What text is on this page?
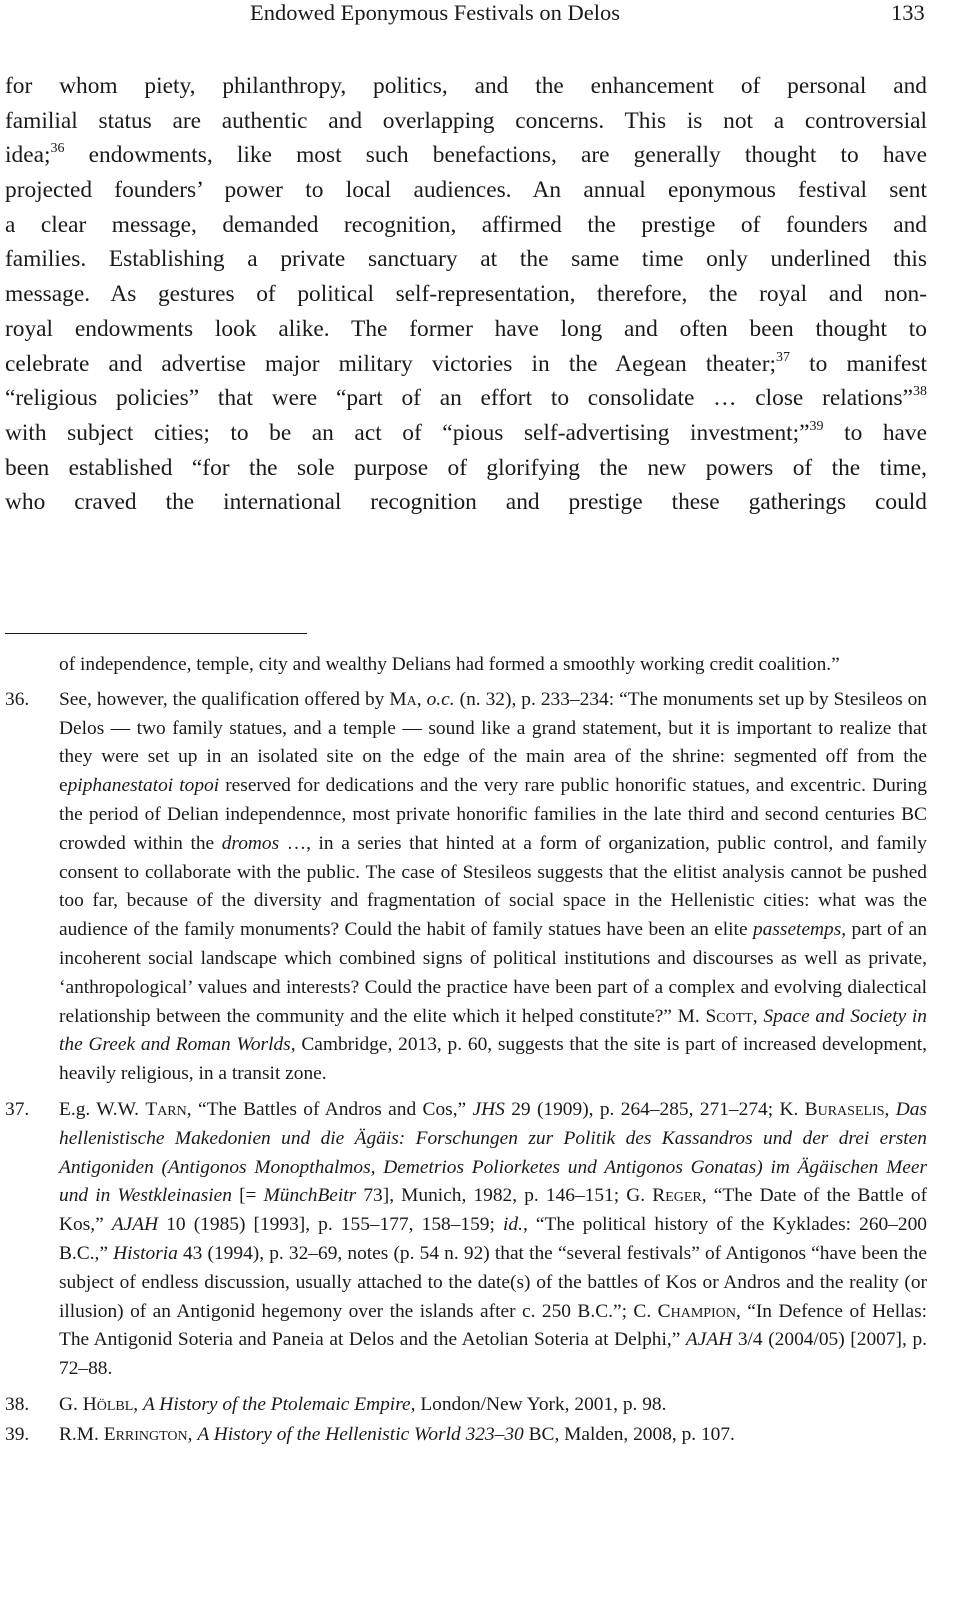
Endowed Eponymous Festivals on Delos	133
for whom piety, philanthropy, politics, and the enhancement of personal and
familial status are authentic and overlapping concerns. This is not a controversial
idea;$^{36}$ endowments, like most such benefactions, are generally thought to have
projected founders’ power to local audiences. An annual eponymous festival sent
a clear message, demanded recognition, affirmed the prestige of founders and
families. Establishing a private sanctuary at the same time only underlined this
message. As gestures of political self-representation, therefore, the royal and non-
royal endowments look alike. The former have long and often been thought to
celebrate and advertise major military victories in the Aegean theater;$^{37}$ to manifest
“religious policies” that were “part of an effort to consolidate … close relations”$^{38}$
with subject cities; to be an act of “pious self-advertising investment;”$^{39}$ to have
been established “for the sole purpose of glorifying the new powers of the time,
who craved the international recognition and prestige these gatherings could
of independence, temple, city and wealthy Delians had formed a smoothly working credit coalition.”
36. See, however, the qualification offered by Ma, o.c. (n. 32), p. 233–234: “The monuments set up by Stesileos on Delos — two family statues, and a temple — sound like a grand statement, but it is important to realize that they were set up in an isolated site on the edge of the main area of the shrine: segmented off from the epiphanestatoi topoi reserved for dedications and the very rare public honorific statues, and excentric. During the period of Delian independennce, most private honorific families in the late third and second centuries BC crowded within the dromos …, in a series that hinted at a form of organization, public control, and family consent to collaborate with the public. The case of Stesileos suggests that the elitist analysis cannot be pushed too far, because of the diversity and fragmentation of social space in the Hellenistic cities: what was the audience of the family monuments? Could the habit of family statues have been an elite passetemps, part of an incoherent social landscape which combined signs of political institutions and discourses as well as private, ‘anthropological’ values and interests? Could the practice have been part of a complex and evolving dialectical relationship between the community and the elite which it helped constitute?” M. Scott, Space and Society in the Greek and Roman Worlds, Cambridge, 2013, p. 60, suggests that the site is part of increased development, heavily religious, in a transit zone.
37. E.g. W.W. Tarn, “The Battles of Andros and Cos,” JHS 29 (1909), p. 264–285, 271–274; K. Buraselis, Das hellenistische Makedonien und die Ägäis: Forschungen zur Politik des Kassandros und der drei ersten Antigoniden (Antigonos Monopthalmos, Demetrios Poliorketes und Antigonos Gonatas) im Ägäischen Meer und in Westkleinasien [= MünchBeitr 73], Munich, 1982, p. 146–151; G. Reger, “The Date of the Battle of Kos,” AJAH 10 (1985) [1993], p. 155–177, 158–159; id., “The political history of the Kyklades: 260–200 B.C.,” Historia 43 (1994), p. 32–69, notes (p. 54 n. 92) that the “several festivals” of Antigonos “have been the subject of endless discussion, usually attached to the date(s) of the battles of Kos or Andros and the reality (or illusion) of an Antigonid hegemony over the islands after c. 250 B.C.”; C. Champion, “In Defence of Hellas: The Antigonid Soteria and Paneia at Delos and the Aetolian Soteria at Delphi,” AJAH 3/4 (2004/05) [2007], p. 72–88.
38. G. Hölbl, A History of the Ptolemaic Empire, London/New York, 2001, p. 98.
39. R.M. Errington, A History of the Hellenistic World 323–30 BC, Malden, 2008, p. 107.
